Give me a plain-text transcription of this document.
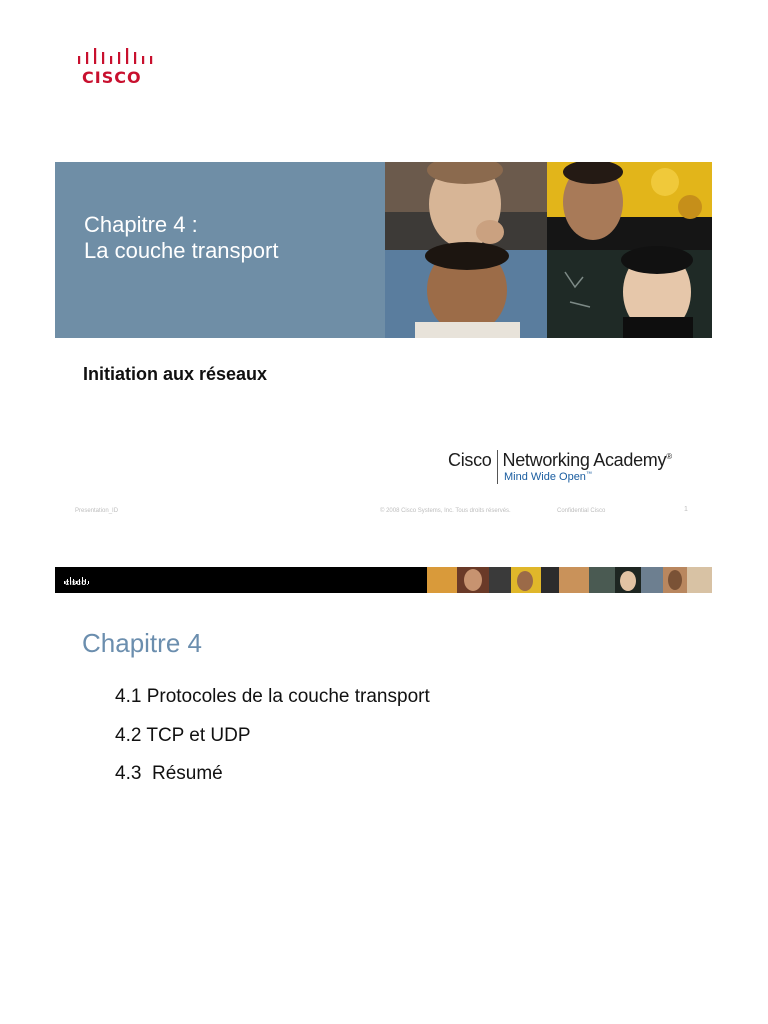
CISCO
Chapitre 4 :
La couche transport
Initiation aux réseaux
Cisco Networking Academy®
Mind Wide Open™
Presentation_ID	© 2008 Cisco Systems, Inc. Tous droits réservés.	Confidential Cisco	1
CISCO.
Chapitre 4
4.1 Protocoles de la couche transport
4.2 TCP et UDP
4.3  Résumé
